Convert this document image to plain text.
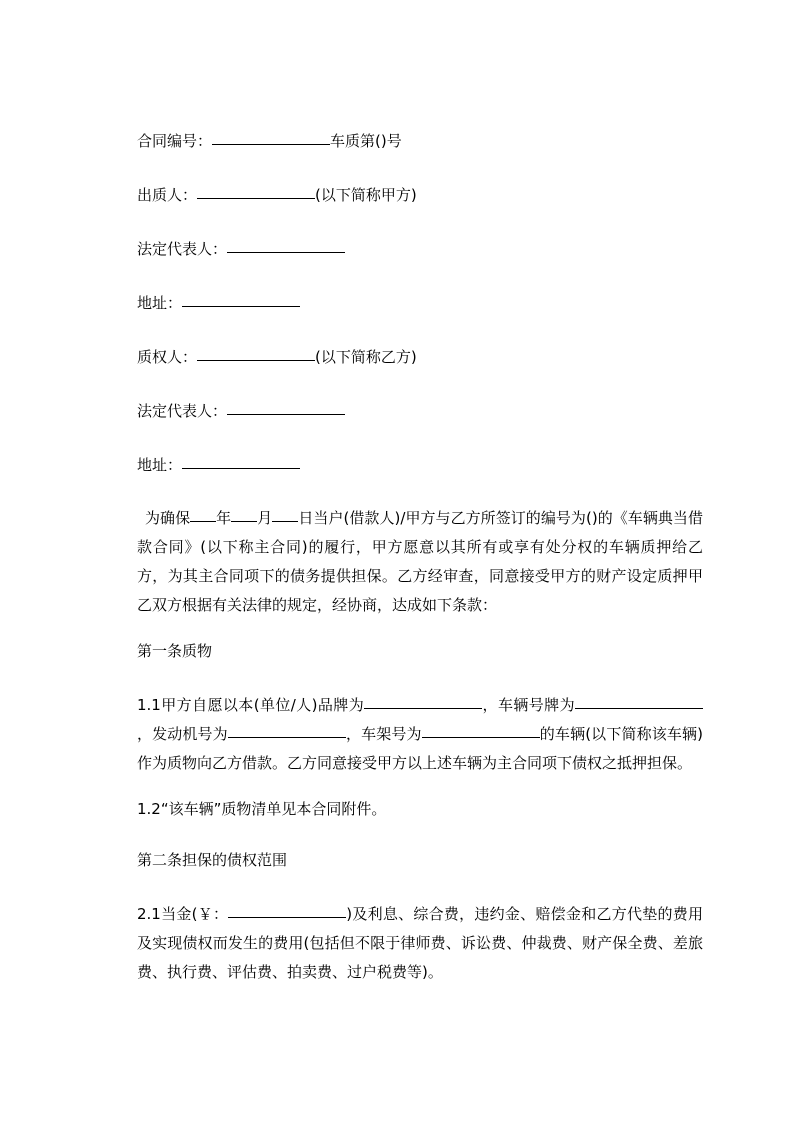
合同编号：	车质第()号
出质人：	(以下简称甲方)
法定代表人：
地址：
质权人：	(以下简称乙方)
法定代表人：
地址：

为确保 年 月 日当户(借款人)/甲方与乙方所签订的编号为()的《车辆典当借款合同》(以下称主合同)的履行，甲方愿意以其所有或享有处分权的车辆质押给乙方，为其主合同项下的债务提供担保。乙方经审查，同意接受甲方的财产设定质押甲乙双方根据有关法律的规定，经协商，达成如下条款：

第一条质物

1.1甲方自愿以本(单位/人)品牌为	，车辆号牌为，发动机号为	，车架号为	的车辆(以下简称该车辆)作为质物向乙方借款。乙方同意接受甲方以上述车辆为主合同项下债权之抵押担保。

1.2“该车辆”质物清单见本合同附件。
第二条担保的债权范围

2.1当金(￥：	)及利息、综合费，违约金、赔偿金和乙方代垫的费用及实现债权而发生的费用(包括但不限于律师费、诉讼费、仲裁费、财产保全费、差旅费、执行费、评估费、拍卖费、过户税费等)。
